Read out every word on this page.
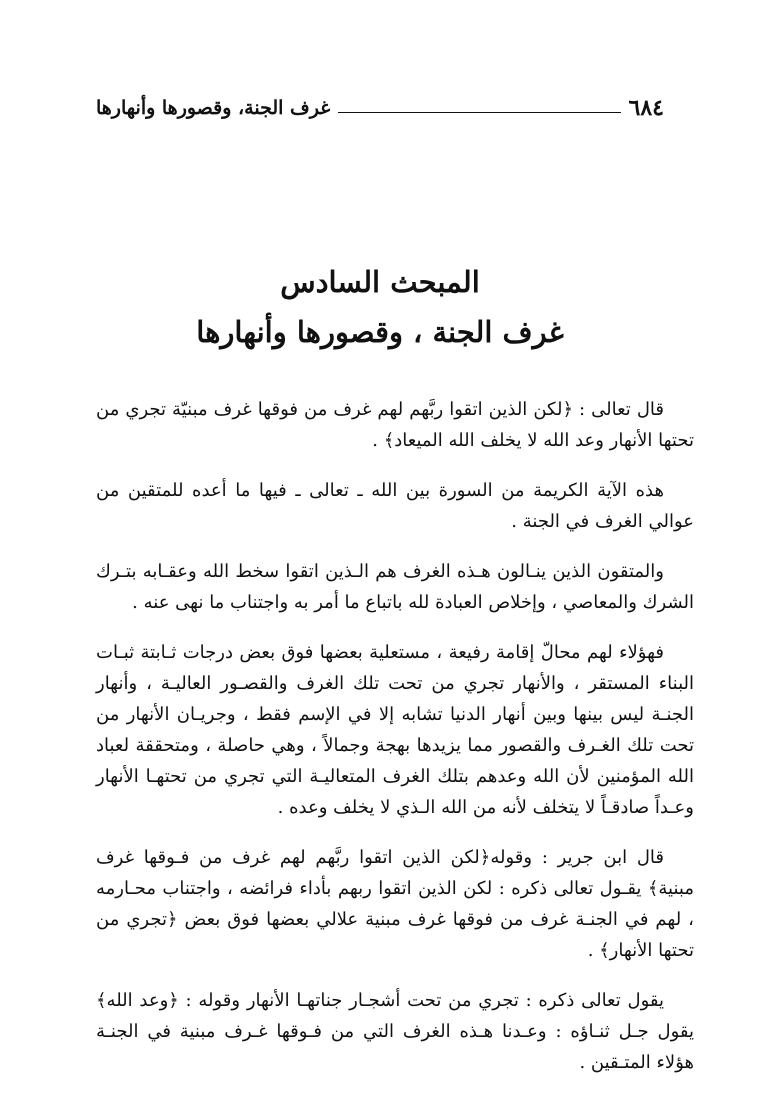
٦٨٤
غرف الجنة، وقصورها وأنهارها
المبحث السادس
غرف الجنة ، وقصورها وأنهارها

قال تعالى : ﴿لكن الذين اتقوا ربَّهم لهم غرف من فوقها غرف مبنيّة تجري من تحتها الأنهار وعد الله لا يخلف الله الميعاد﴾ .

هذه الآية الكريمة من السورة بين الله ـ تعالى ـ فيها ما أعده للمتقين من عوالي الغرف في الجنة .

والمتقون الذين ينـالون هـذه الغرف هم الـذين اتقوا سخط الله وعقـابه بتـرك الشرك والمعاصي ، وإخلاص العبادة لله باتباع ما أمر به واجتناب ما نهى عنه .

فهؤلاء لهم محالّ إقامة رفيعة ، مستعلية بعضها فوق بعض درجات ثـابتة ثبـات البناء المستقر ، والأنهار تجري من تحت تلك الغرف والقصـور العاليـة ، وأنهار الجنـة ليس بينها وبين أنهار الدنيا تشابه إلا في الإسم فقط ، وجريـان الأنهار من تحت تلك الغـرف والقصور مما يزيدها بهجة وجمالاً ، وهي حاصلة ، ومتحققة لعباد الله المؤمنين لأن الله وعدهم بتلك الغرف المتعاليـة التي تجري من تحتهـا الأنهار وعـداً صادقـاً لا يتخلف لأنه من الله الـذي لا يخلف وعده .

قال ابن جرير : وقوله﴿لكن الذين اتقوا ربَّهم لهم غرف من فـوقها غرف مبنية﴾ يقـول تعالى ذكره : لكن الذين اتقوا ربهم بأداء فرائضه ، واجتناب محـارمه ، لهم في الجنـة غرف من فوقها غرف مبنية علالي بعضها فوق بعض ﴿تجري من تحتها الأنهار﴾ .

يقول تعالى ذكره : تجري من تحت أشجـار جناتهـا الأنهار وقوله : ﴿وعد الله﴾ يقول جـل ثنـاؤه : وعـدنا هـذه الغرف التي من فـوقها غـرف مبنية في الجنـة هؤلاء المتـقين .
